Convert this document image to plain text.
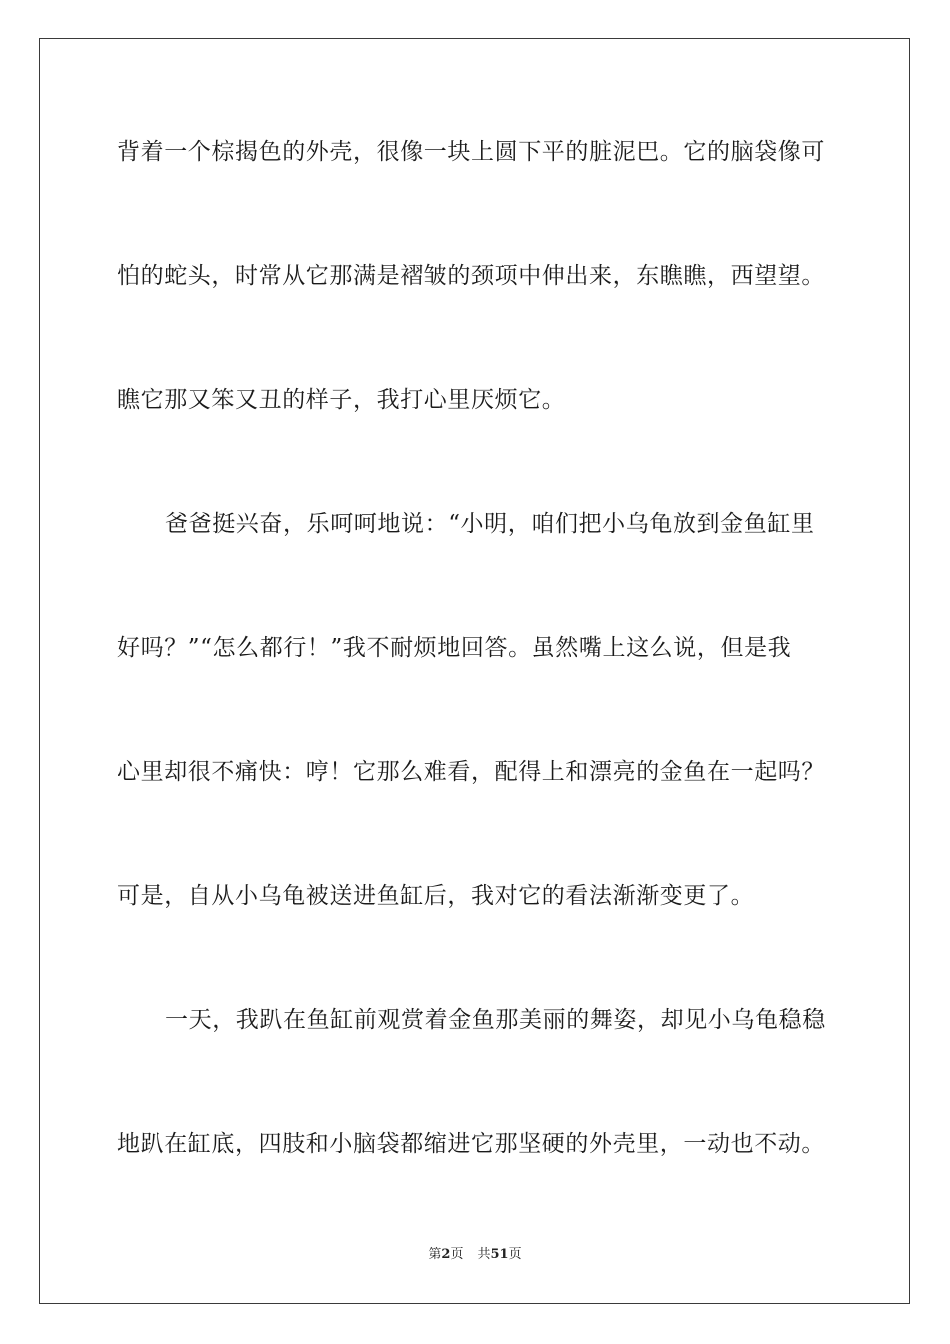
背着一个棕揭色的外壳，很像一块上圆下平的脏泥巴。它的脑袋像可
怕的蛇头，时常从它那满是褶皱的颈项中伸出来，东瞧瞧，西望望。
瞧它那又笨又丑的样子，我打心里厌烦它。
爸爸挺兴奋，乐呵呵地说：“小明，咱们把小乌龟放到金鱼缸里
好吗？”“怎么都行！”我不耐烦地回答。虽然嘴上这么说，但是我
心里却很不痛快：哼！它那么难看，配得上和漂亮的金鱼在一起吗？
可是，自从小乌龟被送进鱼缸后，我对它的看法渐渐变更了。
一天，我趴在鱼缸前观赏着金鱼那美丽的舞姿，却见小乌龟稳稳
地趴在缸底，四肢和小脑袋都缩进它那坚硬的外壳里，一动也不动。
第2页 共51页
